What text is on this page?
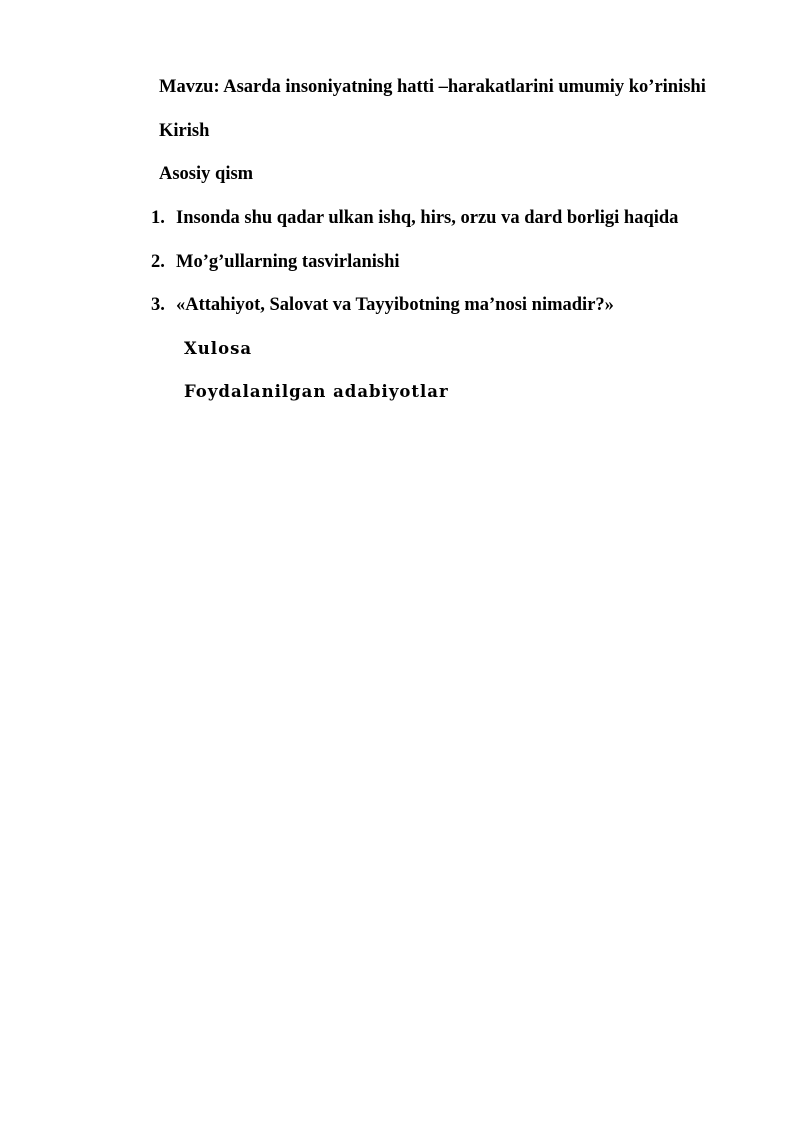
Mavzu: Asarda insoniyatning hatti –harakatlarini umumiy ko’rinishi
Kirish
Asosiy qism
1. Insonda shu qadar ulkan ishq, hirs, orzu va dard borligi haqida
2. Mo’g’ullarning tasvirlanishi
3. «Attahiyot, Salovat va Tayyibotning ma’nosi nimadir?»
Xulosa
Foydalanilgan adabiyotlar
